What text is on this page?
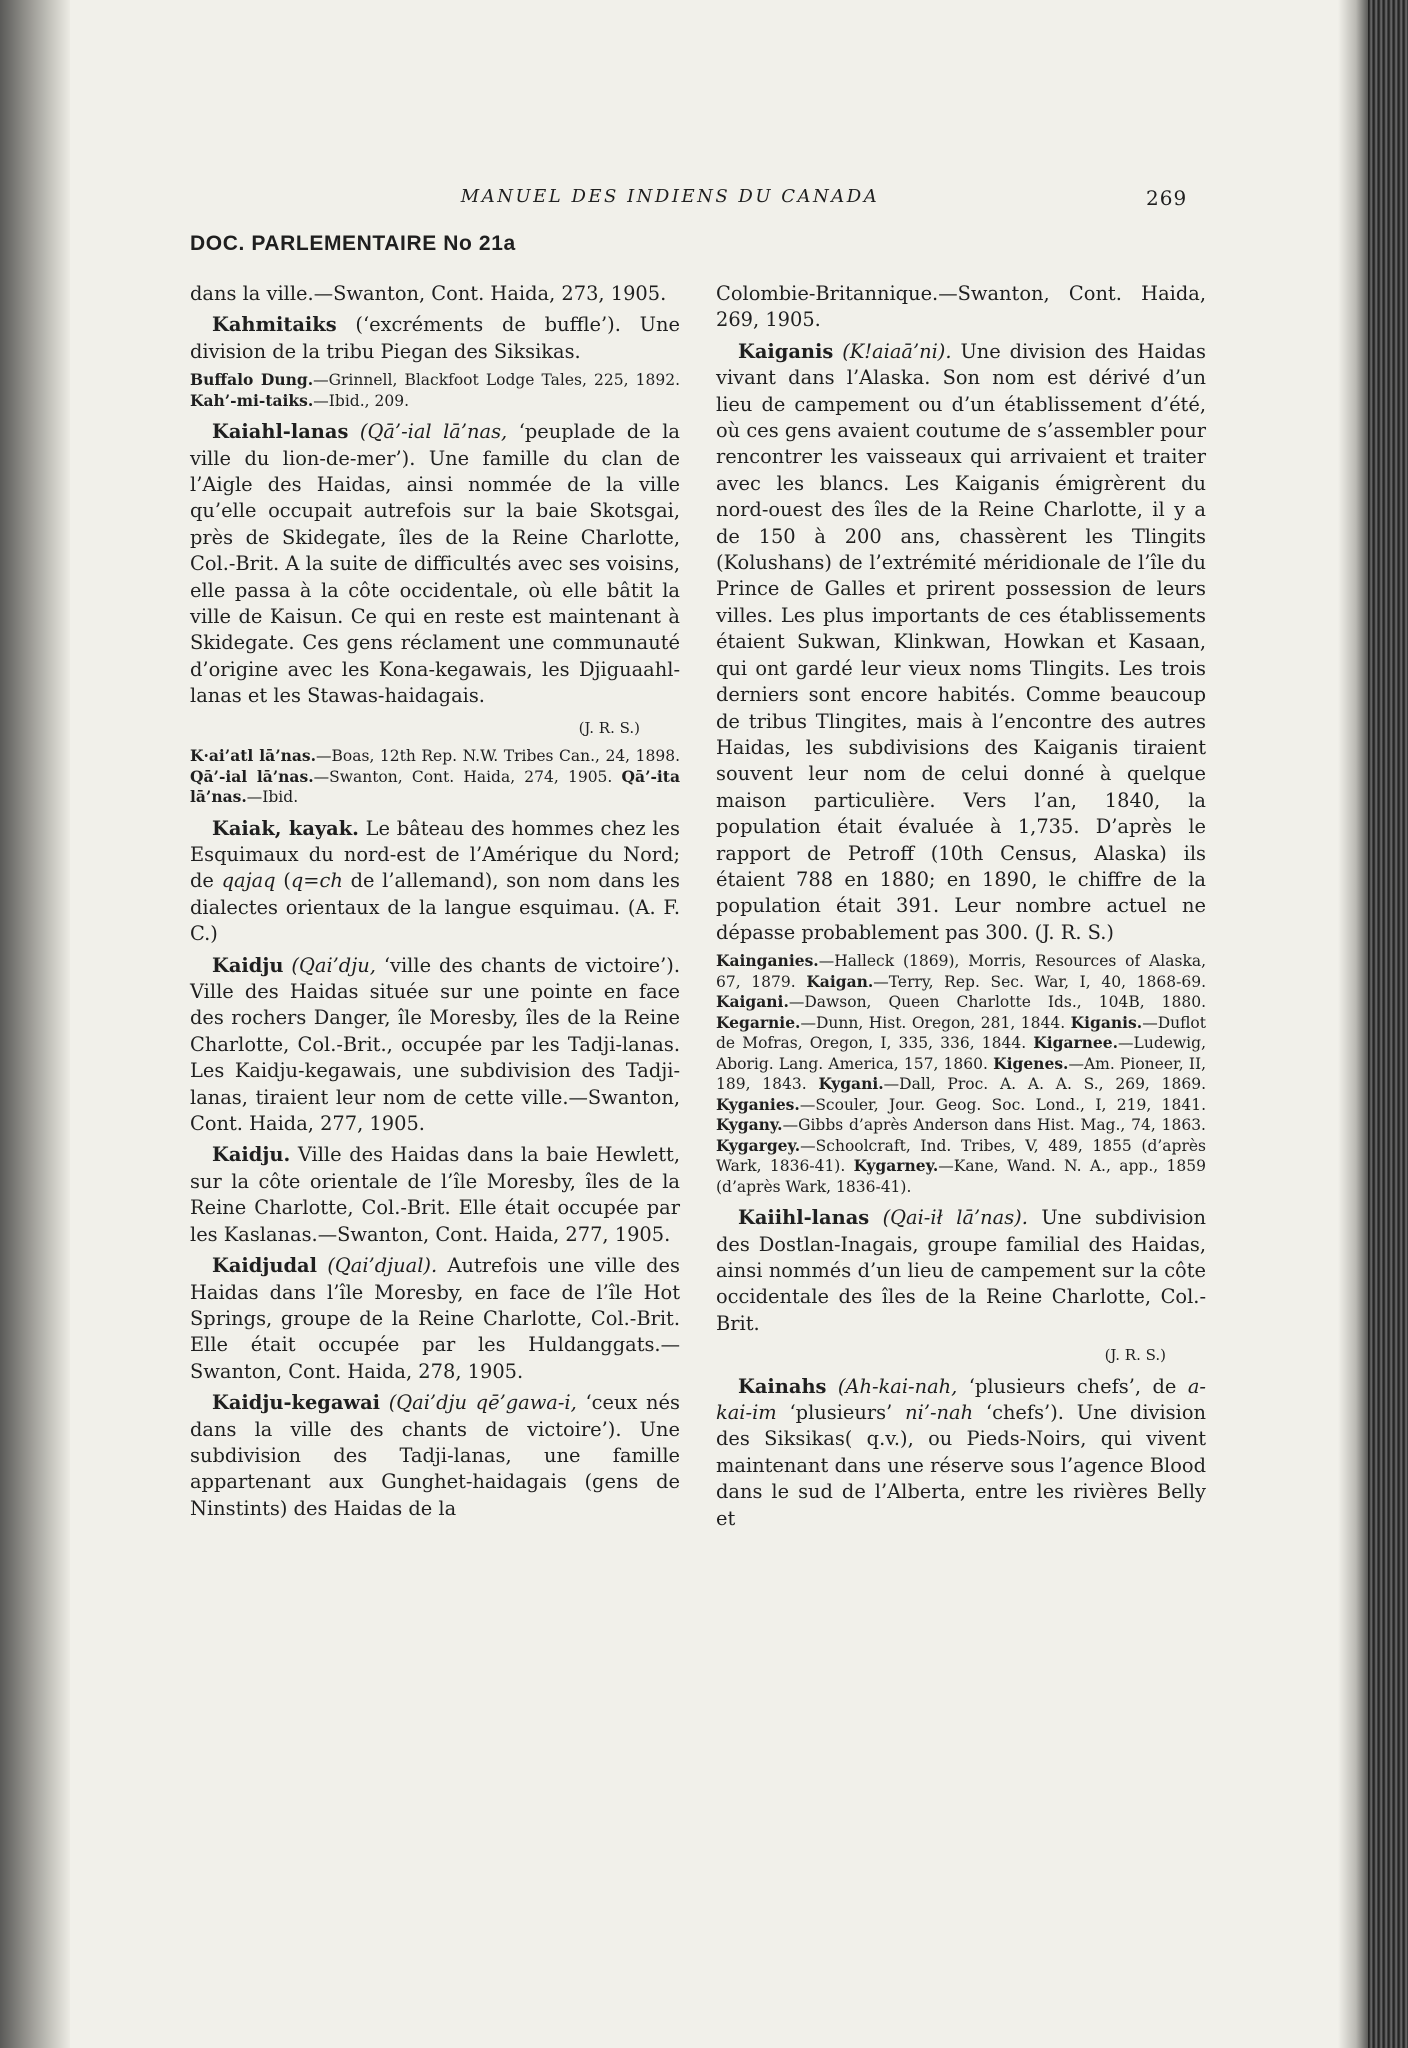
MANUEL DES INDIENS DU CANADA	269
DOC. PARLEMENTAIRE No 21a

dans la ville.—Swanton, Cont. Haida, 273, 1905.

Kahmitaiks (‘excréments de buffle’). Une division de la tribu Piegan des Siksikas.

Buffalo Dung.—Grinnell, Blackfoot Lodge Tales, 225, 1892. Kah’-mi-taiks.—Ibid., 209.

Kaiahl-lanas (Qā’-ial lā’nas, ‘peuplade de la ville du lion-de-mer’). Une famille du clan de l’Aigle des Haidas, ainsi nommée de la ville qu’elle occupait autrefois sur la baie Skotsgai, près de Skidegate, îles de la Reine Charlotte, Col.-Brit. A la suite de difficultés avec ses voisins, elle passa à la côte occidentale, où elle bâtit la ville de Kaisun. Ce qui en reste est maintenant à Skidegate. Ces gens réclament une communauté d’origine avec les Kona-kegawais, les Djiguaahl-lanas et les Stawas-haidagais.

(J. R. S.)

K·ai’atl lā’nas.—Boas, 12th Rep. N.W. Tribes Can., 24, 1898. Qā’-ial lā’nas.—Swanton, Cont. Haida, 274, 1905. Qā’-ita lā’nas.—Ibid.

Kaiak, kayak. Le bâteau des hommes chez les Esquimaux du nord-est de l’Amérique du Nord; de qajaq (q=ch de l’allemand), son nom dans les dialectes orientaux de la langue esquimau. (A. F. C.)

Kaidju (Qai’dju, ‘ville des chants de victoire’). Ville des Haidas située sur une pointe en face des rochers Danger, île Moresby, îles de la Reine Charlotte, Col.-Brit., occupée par les Tadji-lanas. Les Kaidju-kegawais, une subdivision des Tadji-lanas, tiraient leur nom de cette ville.—Swanton, Cont. Haida, 277, 1905.

Kaidju. Ville des Haidas dans la baie Hewlett, sur la côte orientale de l’île Moresby, îles de la Reine Charlotte, Col.-Brit. Elle était occupée par les Kaslanas.—Swanton, Cont. Haida, 277, 1905.

Kaidjudal (Qai’djual). Autrefois une ville des Haidas dans l’île Moresby, en face de l’île Hot Springs, groupe de la Reine Charlotte, Col.-Brit. Elle était occupée par les Huldanggats.—Swanton, Cont. Haida, 278, 1905.

Kaidju-kegawai (Qai’dju qē’gawa-i, ‘ceux nés dans la ville des chants de victoire’). Une subdivision des Tadji-lanas, une famille appartenant aux Gunghet-haidagais (gens de Ninstints) des Haidas de la

Colombie-Britannique.—Swanton, Cont. Haida, 269, 1905.

Kaiganis (K!aiaā’ni). Une division des Haidas vivant dans l’Alaska. Son nom est dérivé d’un lieu de campement ou d’un établissement d’été, où ces gens avaient coutume de s’assembler pour rencontrer les vaisseaux qui arrivaient et traiter avec les blancs. Les Kaiganis émigrèrent du nord-ouest des îles de la Reine Charlotte, il y a de 150 à 200 ans, chassèrent les Tlingits (Kolushans) de l’extrémité méridionale de l’île du Prince de Galles et prirent possession de leurs villes. Les plus importants de ces établissements étaient Sukwan, Klinkwan, Howkan et Kasaan, qui ont gardé leur vieux noms Tlingits. Les trois derniers sont encore habités. Comme beaucoup de tribus Tlingites, mais à l’encontre des autres Haidas, les subdivisions des Kaiganis tiraient souvent leur nom de celui donné à quelque maison particulière. Vers l’an, 1840, la population était évaluée à 1,735. D’après le rapport de Petroff (10th Census, Alaska) ils étaient 788 en 1880; en 1890, le chiffre de la population était 391. Leur nombre actuel ne dépasse probablement pas 300. (J. R. S.)

Kainganies.—Halleck (1869), Morris, Resources of Alaska, 67, 1879. Kaigan.—Terry, Rep. Sec. War, I, 40, 1868-69. Kaigani.—Dawson, Queen Charlotte Ids., 104B, 1880. Kegarnie.—Dunn, Hist. Oregon, 281, 1844. Kiganis.—Duflot de Mofras, Oregon, I, 335, 336, 1844. Kigarnee.—Ludewig, Aborig. Lang. America, 157, 1860. Kigenes.—Am. Pioneer, II, 189, 1843. Kygani.—Dall, Proc. A. A. A. S., 269, 1869. Kyganies.—Scouler, Jour. Geog. Soc. Lond., I, 219, 1841. Kygany.—Gibbs d’après Anderson dans Hist. Mag., 74, 1863. Kygargey.—Schoolcraft, Ind. Tribes, V, 489, 1855 (d’après Wark, 1836-41). Kygarney.—Kane, Wand. N. A., app., 1859 (d’après Wark, 1836-41).

Kaiihl-lanas (Qai-ił lā’nas). Une subdivision des Dostlan-Inagais, groupe familial des Haidas, ainsi nommés d’un lieu de campement sur la côte occidentale des îles de la Reine Charlotte, Col.-Brit.

(J. R. S.)

Kainahs (Ah-kai-nah, ‘plusieurs chefs’, de a-kai-im ‘plusieurs’ ni’-nah ‘chefs’). Une division des Siksikas( q.v.), ou Pieds-Noirs, qui vivent maintenant dans une réserve sous l’agence Blood dans le sud de l’Alberta, entre les rivières Belly et
